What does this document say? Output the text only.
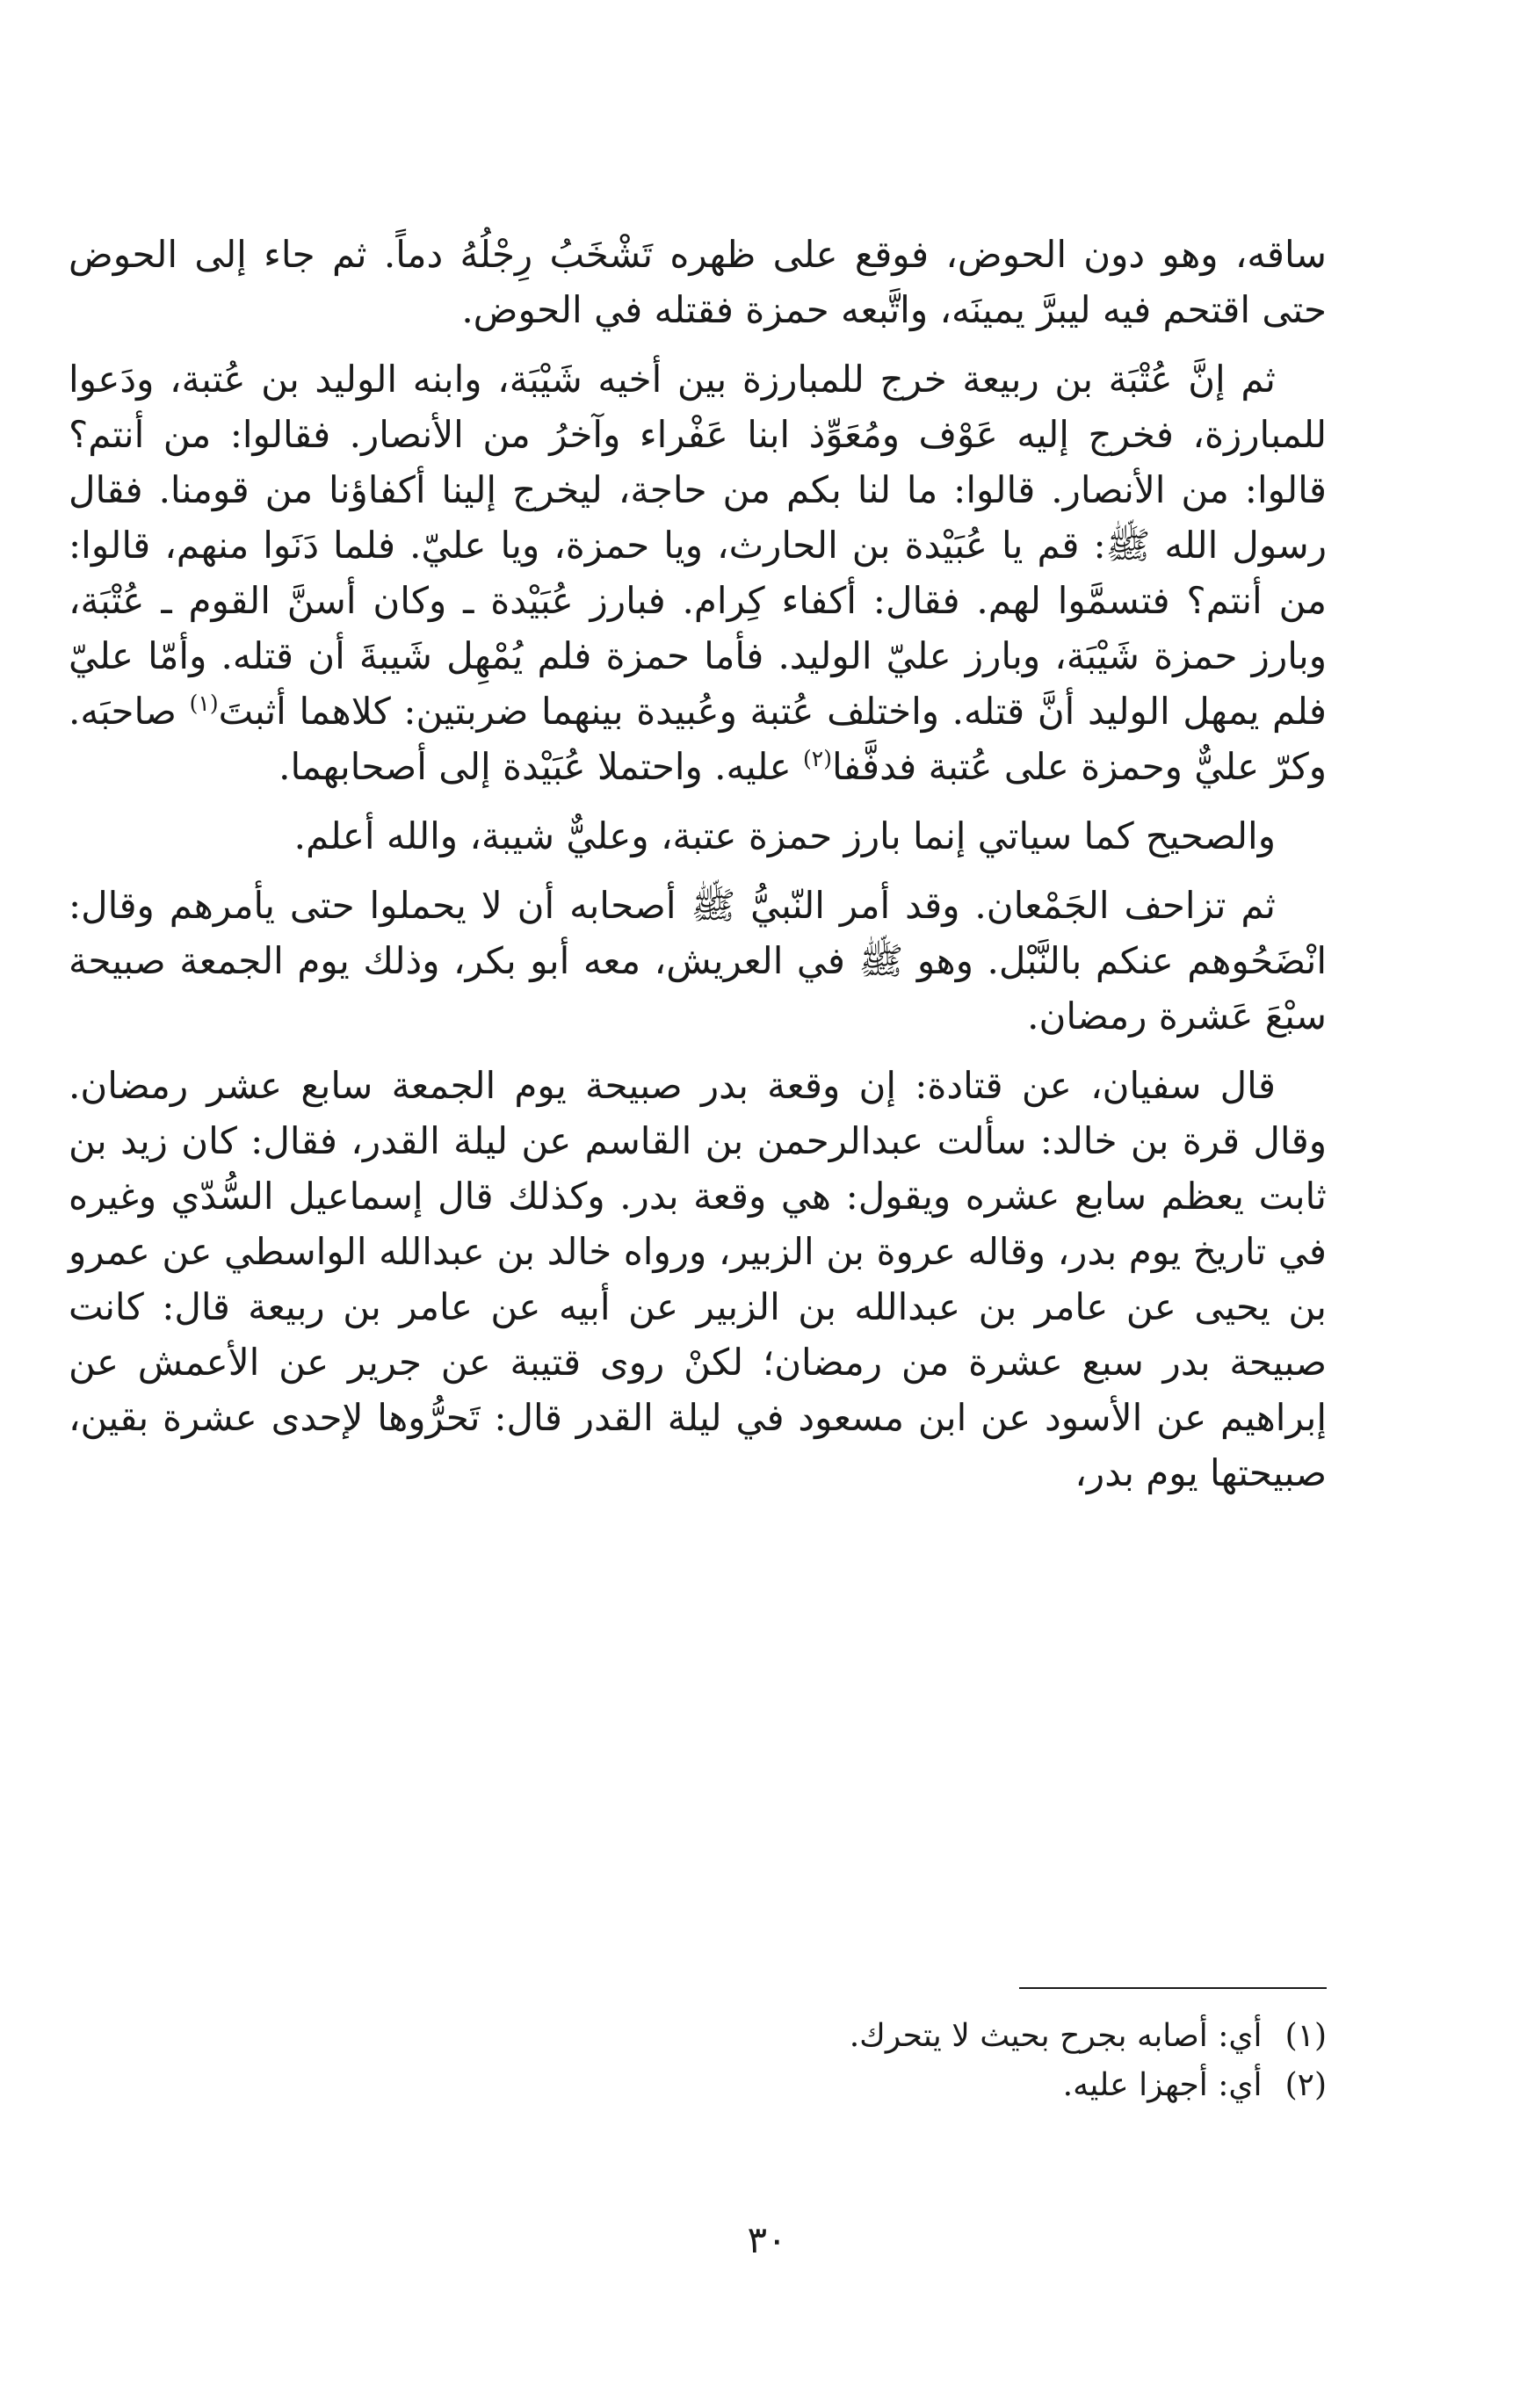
ساقه، وهو دون الحوض، فوقع على ظهره تَشْخَبُ رِجْلُهُ دماً. ثم جاء إلى الحوض حتى اقتحم فيه ليبرَّ يمينَه، واتَّبعه حمزة فقتله في الحوض.

ثم إنَّ عُتْبَة بن ربيعة خرج للمبارزة بين أخيه شَيْبَة، وابنه الوليد بن عُتبة، ودَعوا للمبارزة، فخرج إليه عَوْف ومُعَوِّذ ابنا عَفْراء وآخرُ من الأنصار. فقالوا: من أنتم؟ قالوا: من الأنصار. قالوا: ما لنا بكم من حاجة، ليخرج إلينا أكفاؤنا من قومنا. فقال رسول الله ﷺ: قم يا عُبَيْدة بن الحارث، ويا حمزة، ويا عليّ. فلما دَنَوا منهم، قالوا: من أنتم؟ فتسمَّوا لهم. فقال: أكفاء كِرام. فبارز عُبَيْدة ـ وكان أسنَّ القوم ـ عُتْبَة، وبارز حمزة شَيْبَة، وبارز عليّ الوليد. فأما حمزة فلم يُمْهِل شَيبةَ أن قتله. وأمّا عليّ فلم يمهل الوليد أنَّ قتله. واختلف عُتبة وعُبيدة بينهما ضربتين: كلاهما أثبتَ$^{(١)}$ صاحبَه. وكرّ عليٌّ وحمزة على عُتبة فدفَّفا$^{(٢)}$ عليه. واحتملا عُبَيْدة إلى أصحابهما.

والصحيح كما سياتي إنما بارز حمزة عتبة، وعليٌّ شيبة، والله أعلم.

ثم تزاحف الجَمْعان. وقد أمر النّبيُّ ﷺ أصحابه أن لا يحملوا حتى يأمرهم وقال: انْضَحُوهم عنكم بالنَّبْل. وهو ﷺ في العريش، معه أبو بكر، وذلك يوم الجمعة صبيحة سبْعَ عَشرة رمضان.

قال سفيان، عن قتادة: إن وقعة بدر صبيحة يوم الجمعة سابع عشر رمضان. وقال قرة بن خالد: سألت عبدالرحمن بن القاسم عن ليلة القدر، فقال: كان زيد بن ثابت يعظم سابع عشره ويقول: هي وقعة بدر. وكذلك قال إسماعيل السُّدّي وغيره في تاريخ يوم بدر، وقاله عروة بن الزبير، ورواه خالد بن عبدالله الواسطي عن عمرو بن يحيى عن عامر بن عبدالله بن الزبير عن أبيه عن عامر بن ربيعة قال: كانت صبيحة بدر سبع عشرة من رمضان؛ لكنْ روى قتيبة عن جرير عن الأعمش عن إبراهيم عن الأسود عن ابن مسعود في ليلة القدر قال: تَحرُّوها لإحدى عشرة بقين، صبيحتها يوم بدر،

(١)
أي: أصابه بجرح بحيث لا يتحرك.
(٢)
أي: أجهزا عليه.
٣٠
